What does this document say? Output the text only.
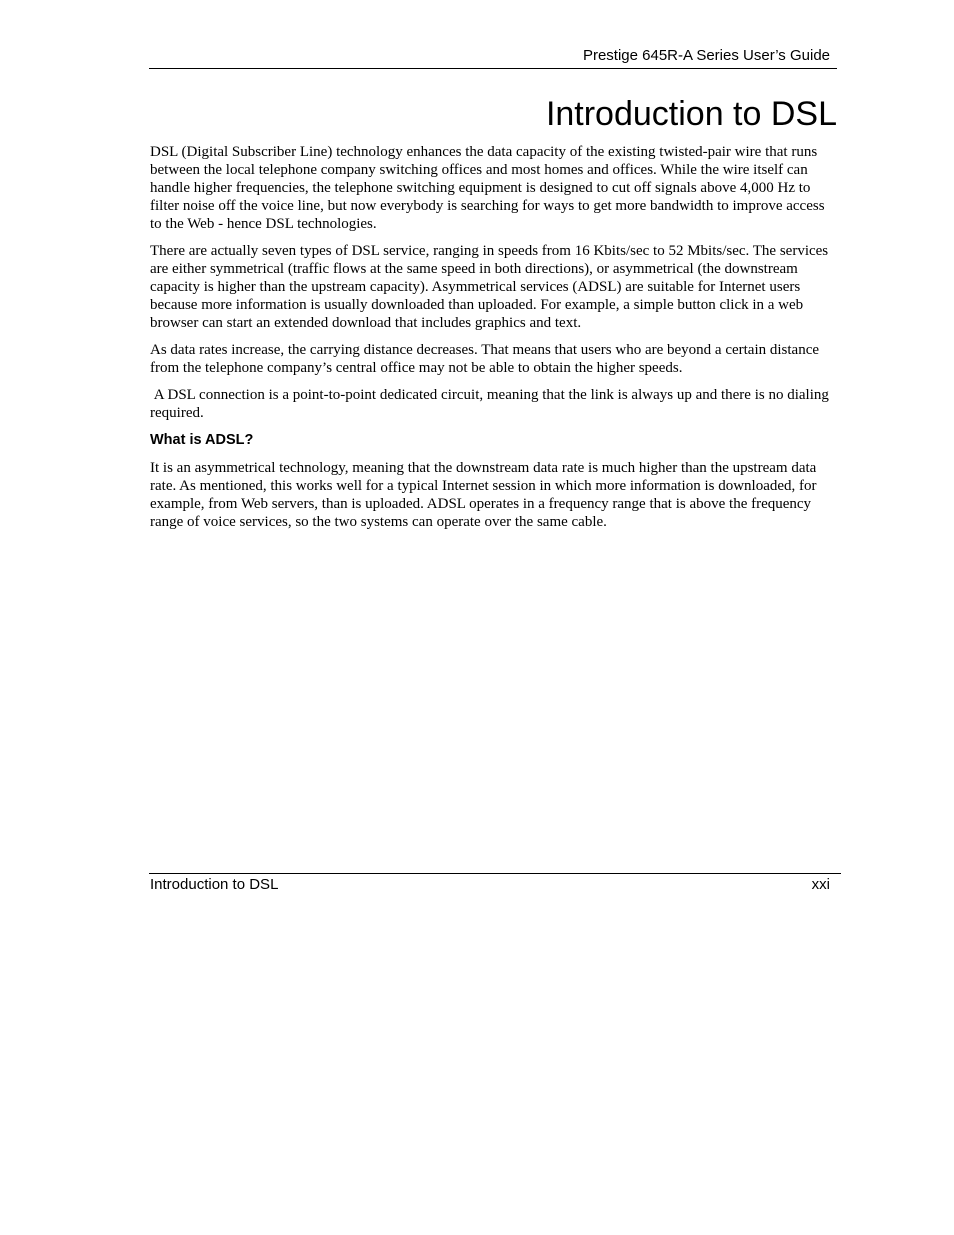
Prestige 645R-A Series User’s Guide
Introduction to DSL

DSL (Digital Subscriber Line) technology enhances the data capacity of the existing twisted-pair wire that runs between the local telephone company switching offices and most homes and offices. While the wire itself can handle higher frequencies, the telephone switching equipment is designed to cut off signals above 4,000 Hz to filter noise off the voice line, but now everybody is searching for ways to get more bandwidth to improve access to the Web - hence DSL technologies.

There are actually seven types of DSL service, ranging in speeds from 16 Kbits/sec to 52 Mbits/sec. The services are either symmetrical (traffic flows at the same speed in both directions), or asymmetrical (the downstream capacity is higher than the upstream capacity). Asymmetrical services (ADSL) are suitable for Internet users because more information is usually downloaded than uploaded. For example, a simple button click in a web browser can start an extended download that includes graphics and text.

As data rates increase, the carrying distance decreases. That means that users who are beyond a certain distance from the telephone company’s central office may not be able to obtain the higher speeds.

A DSL connection is a point-to-point dedicated circuit, meaning that the link is always up and there is no dialing required.

What is ADSL?

It is an asymmetrical technology, meaning that the downstream data rate is much higher than the upstream data rate. As mentioned, this works well for a typical Internet session in which more information is downloaded, for example, from Web servers, than is uploaded. ADSL operates in a frequency range that is above the frequency range of voice services, so the two systems can operate over the same cable.

Introduction to DSL	xxi
